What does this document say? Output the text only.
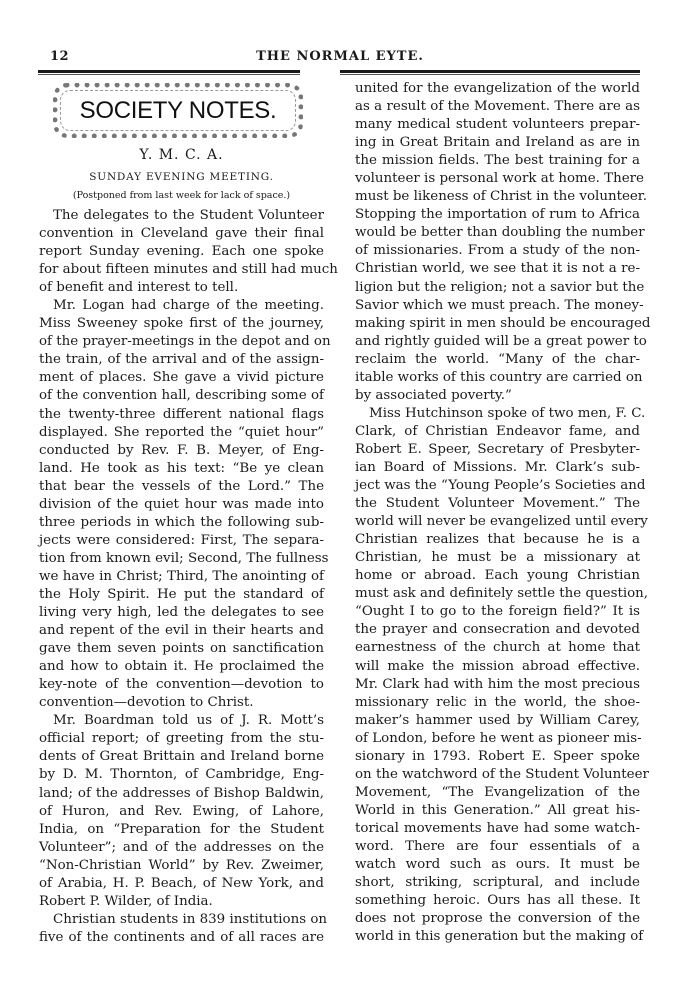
12	THE NORMAL EYTE.
SOCIETY NOTES.
Y. M. C. A.
SUNDAY EVENING MEETING.
(Postponed from last week for lack of space.)
The delegates to the Student Volunteer
convention in Cleveland gave their final
report Sunday evening. Each one spoke
for about fifteen minutes and still had much
of benefit and interest to tell.
Mr. Logan had charge of the meeting.
Miss Sweeney spoke first of the journey,
of the prayer-meetings in the depot and on
the train, of the arrival and of the assign-
ment of places. She gave a vivid picture
of the convention hall, describing some of
the twenty-three different national flags
displayed. She reported the “quiet hour”
conducted by Rev. F. B. Meyer, of Eng-
land. He took as his text: “Be ye clean
that bear the vessels of the Lord.” The
division of the quiet hour was made into
three periods in which the following sub-
jects were considered: First, The separa-
tion from known evil; Second, The fullness
we have in Christ; Third, The anointing of
the Holy Spirit. He put the standard of
living very high, led the delegates to see
and repent of the evil in their hearts and
gave them seven points on sanctification
and how to obtain it. He proclaimed the
key-note of the convention—devotion to
convention—devotion to Christ.
Mr. Boardman told us of J. R. Mott’s
official report; of greeting from the stu-
dents of Great Brittain and Ireland borne
by D. M. Thornton, of Cambridge, Eng-
land; of the addresses of Bishop Baldwin,
of Huron, and Rev. Ewing, of Lahore,
India, on “Preparation for the Student
Volunteer”; and of the addresses on the
“Non-Christian World” by Rev. Zweimer,
of Arabia, H. P. Beach, of New York, and
Robert P. Wilder, of India.
Christian students in 839 institutions on
five of the continents and of all races are
united for the evangelization of the world
as a result of the Movement. There are as
many medical student volunteers prepar-
ing in Great Britain and Ireland as are in
the mission fields. The best training for a
volunteer is personal work at home. There
must be likeness of Christ in the volunteer.
Stopping the importation of rum to Africa
would be better than doubling the number
of missionaries. From a study of the non-
Christian world, we see that it is not a re-
ligion but the religion; not a savior but the
Savior which we must preach. The money-
making spirit in men should be encouraged
and rightly guided will be a great power to
reclaim the world. “Many of the char-
itable works of this country are carried on
by associated poverty.”
Miss Hutchinson spoke of two men, F. C.
Clark, of Christian Endeavor fame, and
Robert E. Speer, Secretary of Presbyter-
ian Board of Missions. Mr. Clark’s sub-
ject was the “Young People’s Societies and
the Student Volunteer Movement.” The
world will never be evangelized until every
Christian realizes that because he is a
Christian, he must be a missionary at
home or abroad. Each young Christian
must ask and definitely settle the question,
“Ought I to go to the foreign field?” It is
the prayer and consecration and devoted
earnestness of the church at home that
will make the mission abroad effective.
Mr. Clark had with him the most precious
missionary relic in the world, the shoe-
maker’s hammer used by William Carey,
of London, before he went as pioneer mis-
sionary in 1793. Robert E. Speer spoke
on the watchword of the Student Volunteer
Movement, “The Evangelization of the
World in this Generation.” All great his-
torical movements have had some watch-
word. There are four essentials of a
watch word such as ours. It must be
short, striking, scriptural, and include
something heroic. Ours has all these. It
does not proprose the conversion of the
world in this generation but the making of
